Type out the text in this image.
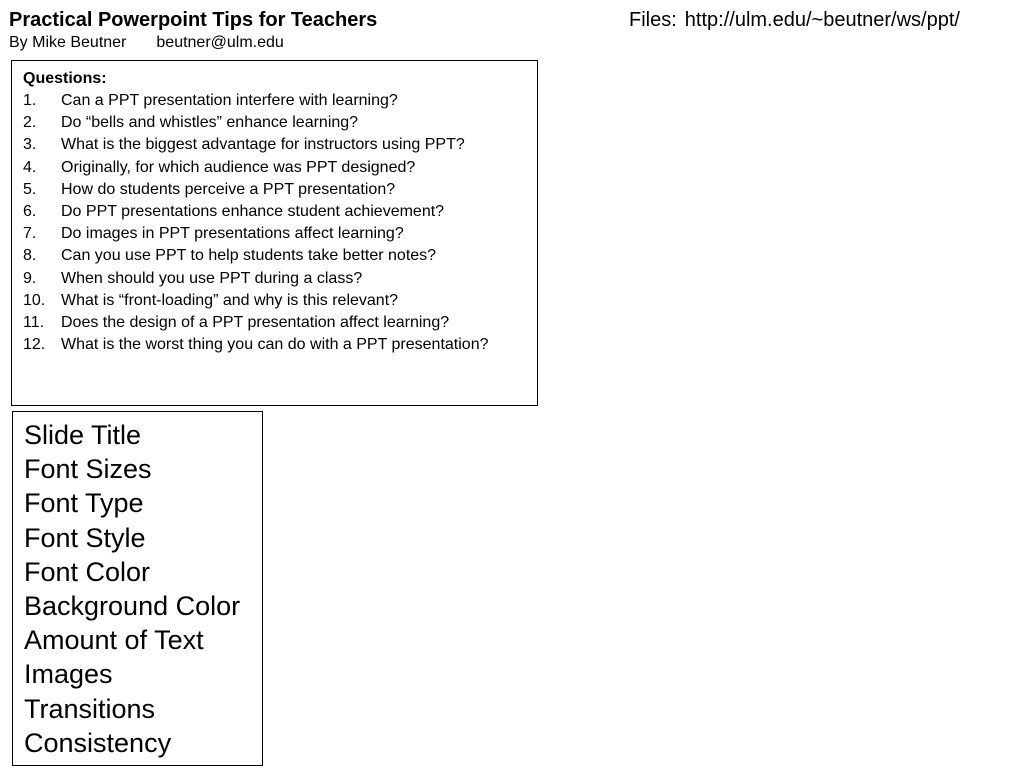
Practical Powerpoint Tips for Teachers
By Mike Beutner beutner@ulm.edu
Files: http://ulm.edu/~beutner/ws/ppt/
Questions:
1.	Can a PPT presentation interfere with learning?
2.	Do “bells and whistles” enhance learning?
3.	What is the biggest advantage for instructors using PPT?
4.	Originally, for which audience was PPT designed?
5.	How do students perceive a PPT presentation?
6.	Do PPT presentations enhance student achievement?
7.	Do images in PPT presentations affect learning?
8.	Can you use PPT to help students take better notes?
9.	When should you use PPT during a class?
10. What is “front-loading” and why is this relevant?
11.	Does the design of a PPT presentation affect learning?
12. What is the worst thing you can do with a PPT presentation?
Slide Title
Font Sizes
Font Type
Font Style
Font Color
Background Color
Amount of Text
Images
Transitions
Consistency
